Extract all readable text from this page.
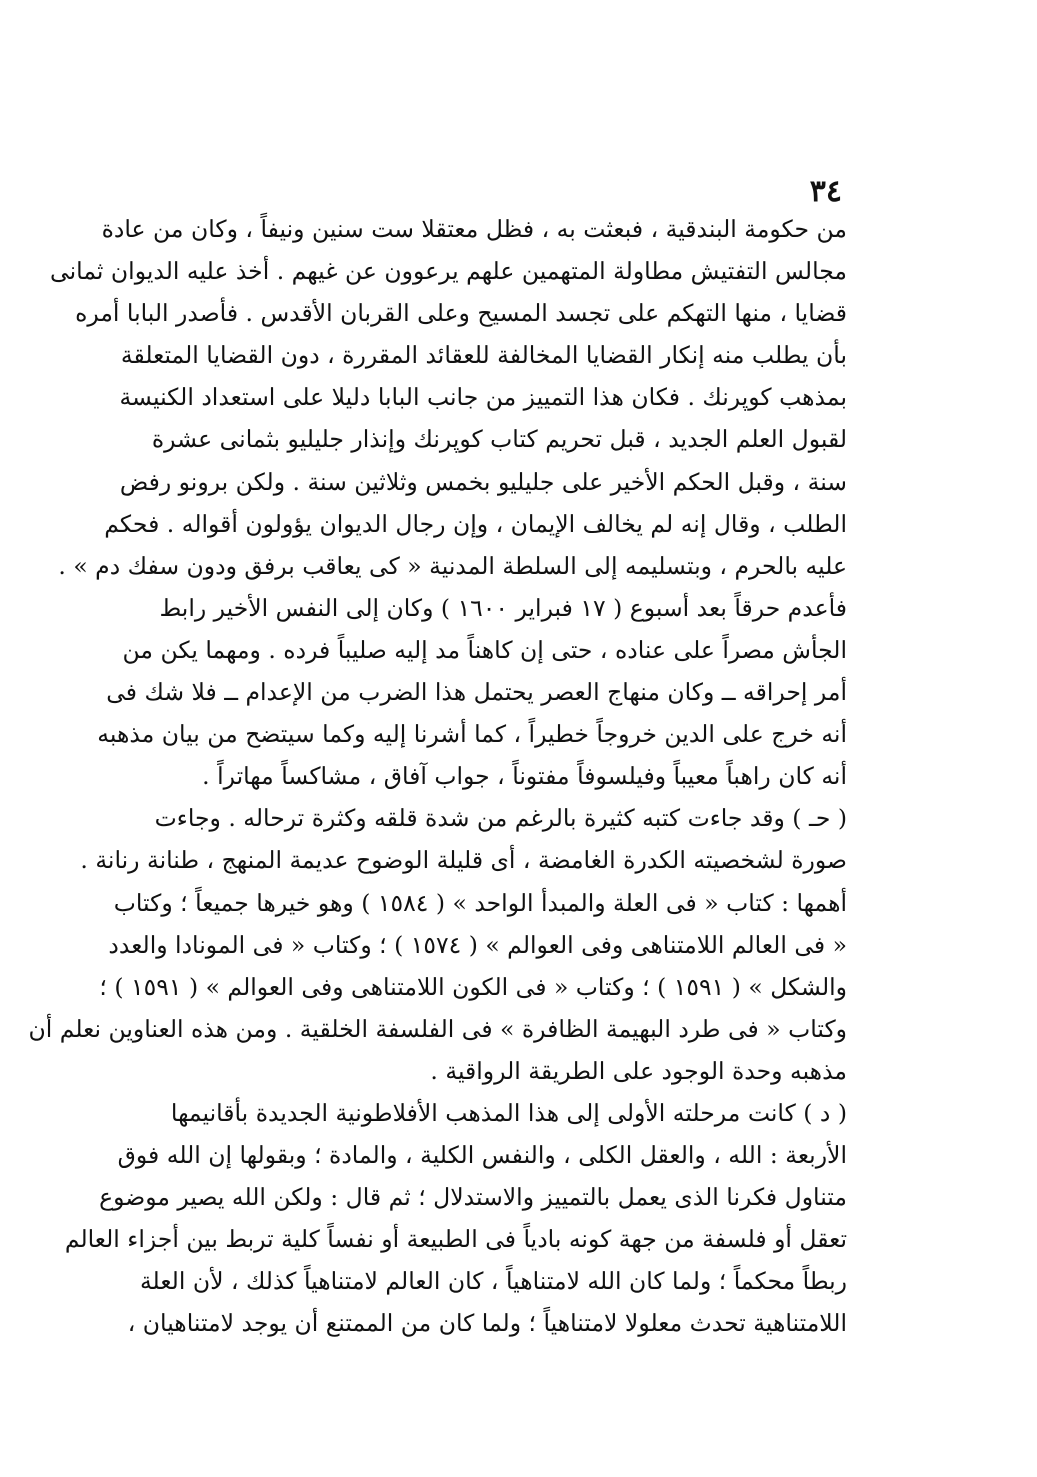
٣٤
من حكومة البندقية ، فبعثت به ، فظل معتقلا ست سنين ونيفاً ، وكان من عادة
مجالس التفتيش مطاولة المتهمين علهم يرعوون عن غيهم . أخذ عليه الديوان ثمانى
قضايا ، منها التهكم على تجسد المسيح وعلى القربان الأقدس . فأصدر البابا أمره
بأن يطلب منه إنكار القضايا المخالفة للعقائد المقررة ، دون القضايا المتعلقة
بمذهب كوپرنك . فكان هذا التمييز من جانب البابا دليلا على استعداد الكنيسة
لقبول العلم الجديد ، قبل تحريم كتاب كوپرنك وإنذار جليليو بثمانى عشرة
سنة ، وقبل الحكم الأخير على جليليو بخمس وثلاثين سنة . ولكن برونو رفض
الطلب ، وقال إنه لم يخالف الإيمان ، وإن رجال الديوان يؤولون أقواله . فحكم
عليه بالحرم ، وبتسليمه إلى السلطة المدنية « كى يعاقب برفق ودون سفك دم » .
فأعدم حرقاً بعد أسبوع ( ١٧ فبراير ١٦٠٠ ) وكان إلى النفس الأخير رابط
الجأش مصراً على عناده ، حتى إن كاهناً مد إليه صليباً فرده . ومهما يكن من
أمر إحراقه ــ وكان منهاج العصر يحتمل هذا الضرب من الإعدام ــ فلا شك فى
أنه خرج على الدين خروجاً خطيراً ، كما أشرنا إليه وكما سيتضح من بيان مذهبه
أنه كان راهباً معيباً وفيلسوفاً مفتوناً ، جواب آفاق ، مشاكساً مهاتراً .
( حـ ) وقد جاءت كتبه كثيرة بالرغم من شدة قلقه وكثرة ترحاله . وجاءت
صورة لشخصيته الكدرة الغامضة ، أى قليلة الوضوح عديمة المنهج ، طنانة رنانة .
أهمها : كتاب « فى العلة والمبدأ الواحد » ( ١٥٨٤ ) وهو خيرها جميعاً ؛ وكتاب
« فى العالم اللامتناهى وفى العوالم » ( ١٥٧٤ ) ؛ وكتاب « فى المونادا والعدد
والشكل » ( ١٥٩١ ) ؛ وكتاب « فى الكون اللامتناهى وفى العوالم » ( ١٥٩١ ) ؛
وكتاب « فى طرد البهيمة الظافرة » فى الفلسفة الخلقية . ومن هذه العناوين نعلم أن
مذهبه وحدة الوجود على الطريقة الرواقية .
( د ) كانت مرحلته الأولى إلى هذا المذهب الأفلاطونية الجديدة بأقانيمها
الأربعة : الله ، والعقل الكلى ، والنفس الكلية ، والمادة ؛ وبقولها إن الله فوق
متناول فكرنا الذى يعمل بالتمييز والاستدلال ؛ ثم قال : ولكن الله يصير موضوع
تعقل أو فلسفة من جهة كونه بادياً فى الطبيعة أو نفساً كلية تربط بين أجزاء العالم
ربطاً محكماً ؛ ولما كان الله لامتناهياً ، كان العالم لامتناهياً كذلك ، لأن العلة
اللامتناهية تحدث معلولا لامتناهياً ؛ ولما كان من الممتنع أن يوجد لامتناهيان ،
